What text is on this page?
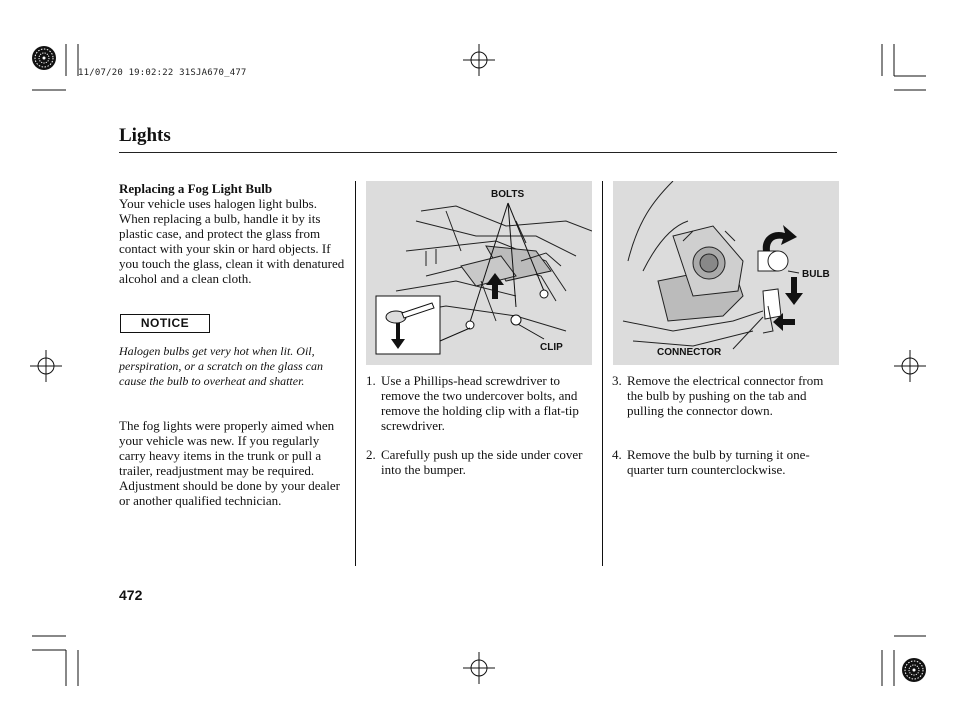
11/07/20 19:02:22 31SJA670_477
Lights
Replacing a Fog Light Bulb
Your vehicle uses halogen light bulbs. When replacing a bulb, handle it by its plastic case, and protect the glass from contact with your skin or hard objects. If you touch the glass, clean it with denatured alcohol and a clean cloth.
NOTICE
Halogen bulbs get very hot when lit. Oil, perspiration, or a scratch on the glass can cause the bulb to overheat and shatter.
The fog lights were properly aimed when your vehicle was new. If you regularly carry heavy items in the trunk or pull a trailer, readjustment may be required. Adjustment should be done by your dealer or another qualified technician.
BOLTS
CLIP
1. Use a Phillips-head screwdriver to remove the two undercover bolts, and remove the holding clip with a flat-tip screwdriver.
2. Carefully push up the side under cover into the bumper.
BULB
CONNECTOR
3. Remove the electrical connector from the bulb by pushing on the tab and pulling the connector down.
4. Remove the bulb by turning it one-quarter turn counterclockwise.
472
